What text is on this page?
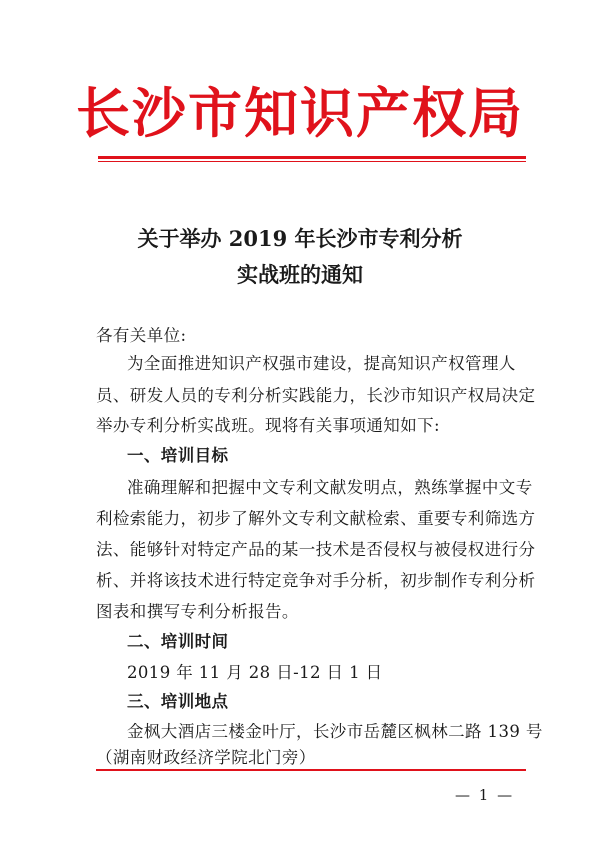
长沙市知识产权局
关于举办 2019 年长沙市专利分析
实战班的通知
各有关单位:
为全面推进知识产权强市建设，提高知识产权管理人
员、研发人员的专利分析实践能力，长沙市知识产权局决定
举办专利分析实战班。现将有关事项通知如下:
一、培训目标
准确理解和把握中文专利文献发明点，熟练掌握中文专
利检索能力，初步了解外文专利文献检索、重要专利筛选方
法、能够针对特定产品的某一技术是否侵权与被侵权进行分
析、并将该技术进行特定竞争对手分析，初步制作专利分析
图表和撰写专利分析报告。
二、培训时间
2019 年 11 月 28 日-12 日 1 日
三、培训地点
金枫大酒店三楼金叶厅，长沙市岳麓区枫林二路 139 号
（湖南财政经济学院北门旁）
— 1 —
